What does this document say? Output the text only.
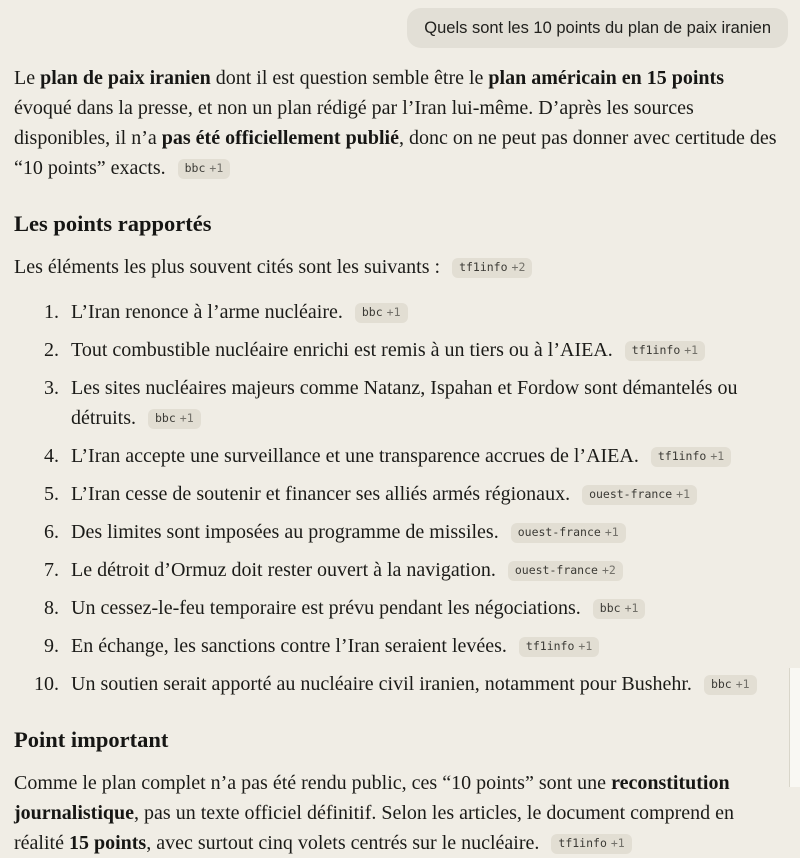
Quels sont les 10 points du plan de paix iranien

Le plan de paix iranien dont il est question semble être le plan américain en 15 points évoqué dans la presse, et non un plan rédigé par l’Iran lui-même. D’après les sources disponibles, il n’a pas été officiellement publié, donc on ne peut pas donner avec certitude des “10 points” exacts. bbc +1

Les points rapportés

Les éléments les plus souvent cités sont les suivants : tf1info +2

1. L’Iran renonce à l’arme nucléaire. bbc +1
2. Tout combustible nucléaire enrichi est remis à un tiers ou à l’AIEA. tf1info +1
3. Les sites nucléaires majeurs comme Natanz, Ispahan et Fordow sont démantelés ou détruits. bbc +1
4. L’Iran accepte une surveillance et une transparence accrues de l’AIEA. tf1info +1
5. L’Iran cesse de soutenir et financer ses alliés armés régionaux. ouest-france +1
6. Des limites sont imposées au programme de missiles. ouest-france +1
7. Le détroit d’Ormuz doit rester ouvert à la navigation. ouest-france +2
8. Un cessez-le-feu temporaire est prévu pendant les négociations. bbc +1
9. En échange, les sanctions contre l’Iran seraient levées. tf1info +1
10. Un soutien serait apporté au nucléaire civil iranien, notamment pour Bushehr. bbc +1
Point important

Comme le plan complet n’a pas été rendu public, ces “10 points” sont une reconstitution journalistique, pas un texte officiel définitif. Selon les articles, le document comprend en réalité 15 points, avec surtout cinq volets centrés sur le nucléaire. tf1info +1
